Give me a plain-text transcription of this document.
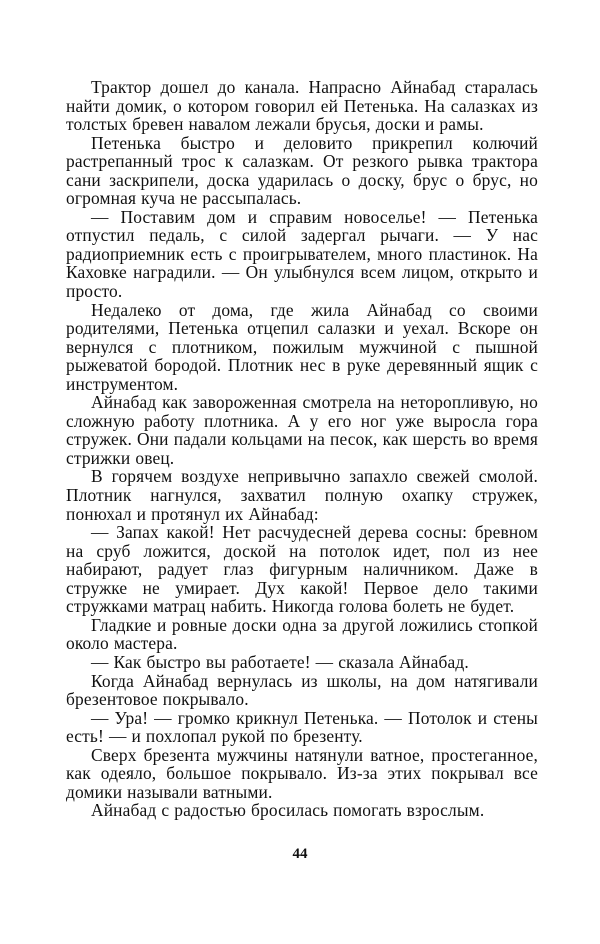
Трактор дошел до канала. Напрасно Айнабад старалась найти домик, о котором говорил ей Петенька. На салазках из толстых бревен навалом лежали брусья, доски и рамы.

Петенька быстро и деловито прикрепил колючий растрепанный трос к салазкам. От резкого рывка трактора сани заскрипели, доска ударилась о доску, брус о брус, но огромная куча не рассыпалась.

— Поставим дом и справим новоселье! — Петенька отпустил педаль, с силой задергал рычаги. — У нас радиоприемник есть с проигрывателем, много пластинок. На Каховке наградили. — Он улыбнулся всем лицом, открыто и просто.

Недалеко от дома, где жила Айнабад со своими родителями, Петенька отцепил салазки и уехал. Вскоре он вернулся с плотником, пожилым мужчиной с пышной рыжеватой бородой. Плотник нес в руке деревянный ящик с инструментом.

Айнабад как завороженная смотрела на неторопливую, но сложную работу плотника. А у его ног уже выросла гора стружек. Они падали кольцами на песок, как шерсть во время стрижки овец.

В горячем воздухе непривычно запахло свежей смолой. Плотник нагнулся, захватил полную охапку стружек, понюхал и протянул их Айнабад:

— Запах какой! Нет расчудесней дерева сосны: бревном на сруб ложится, доской на потолок идет, пол из нее набирают, радует глаз фигурным наличником. Даже в стружке не умирает. Дух какой! Первое дело такими стружками матрац набить. Никогда голова болеть не будет.

Гладкие и ровные доски одна за другой ложились стопкой около мастера.

— Как быстро вы работаете! — сказала Айнабад.

Когда Айнабад вернулась из школы, на дом натягивали брезентовое покрывало.

— Ура! — громко крикнул Петенька. — Потолок и стены есть! — и похлопал рукой по брезенту.

Сверх брезента мужчины натянули ватное, простеганное, как одеяло, большое покрывало. Из-за этих покрывал все домики называли ватными.

Айнабад с радостью бросилась помогать взрослым.

44
